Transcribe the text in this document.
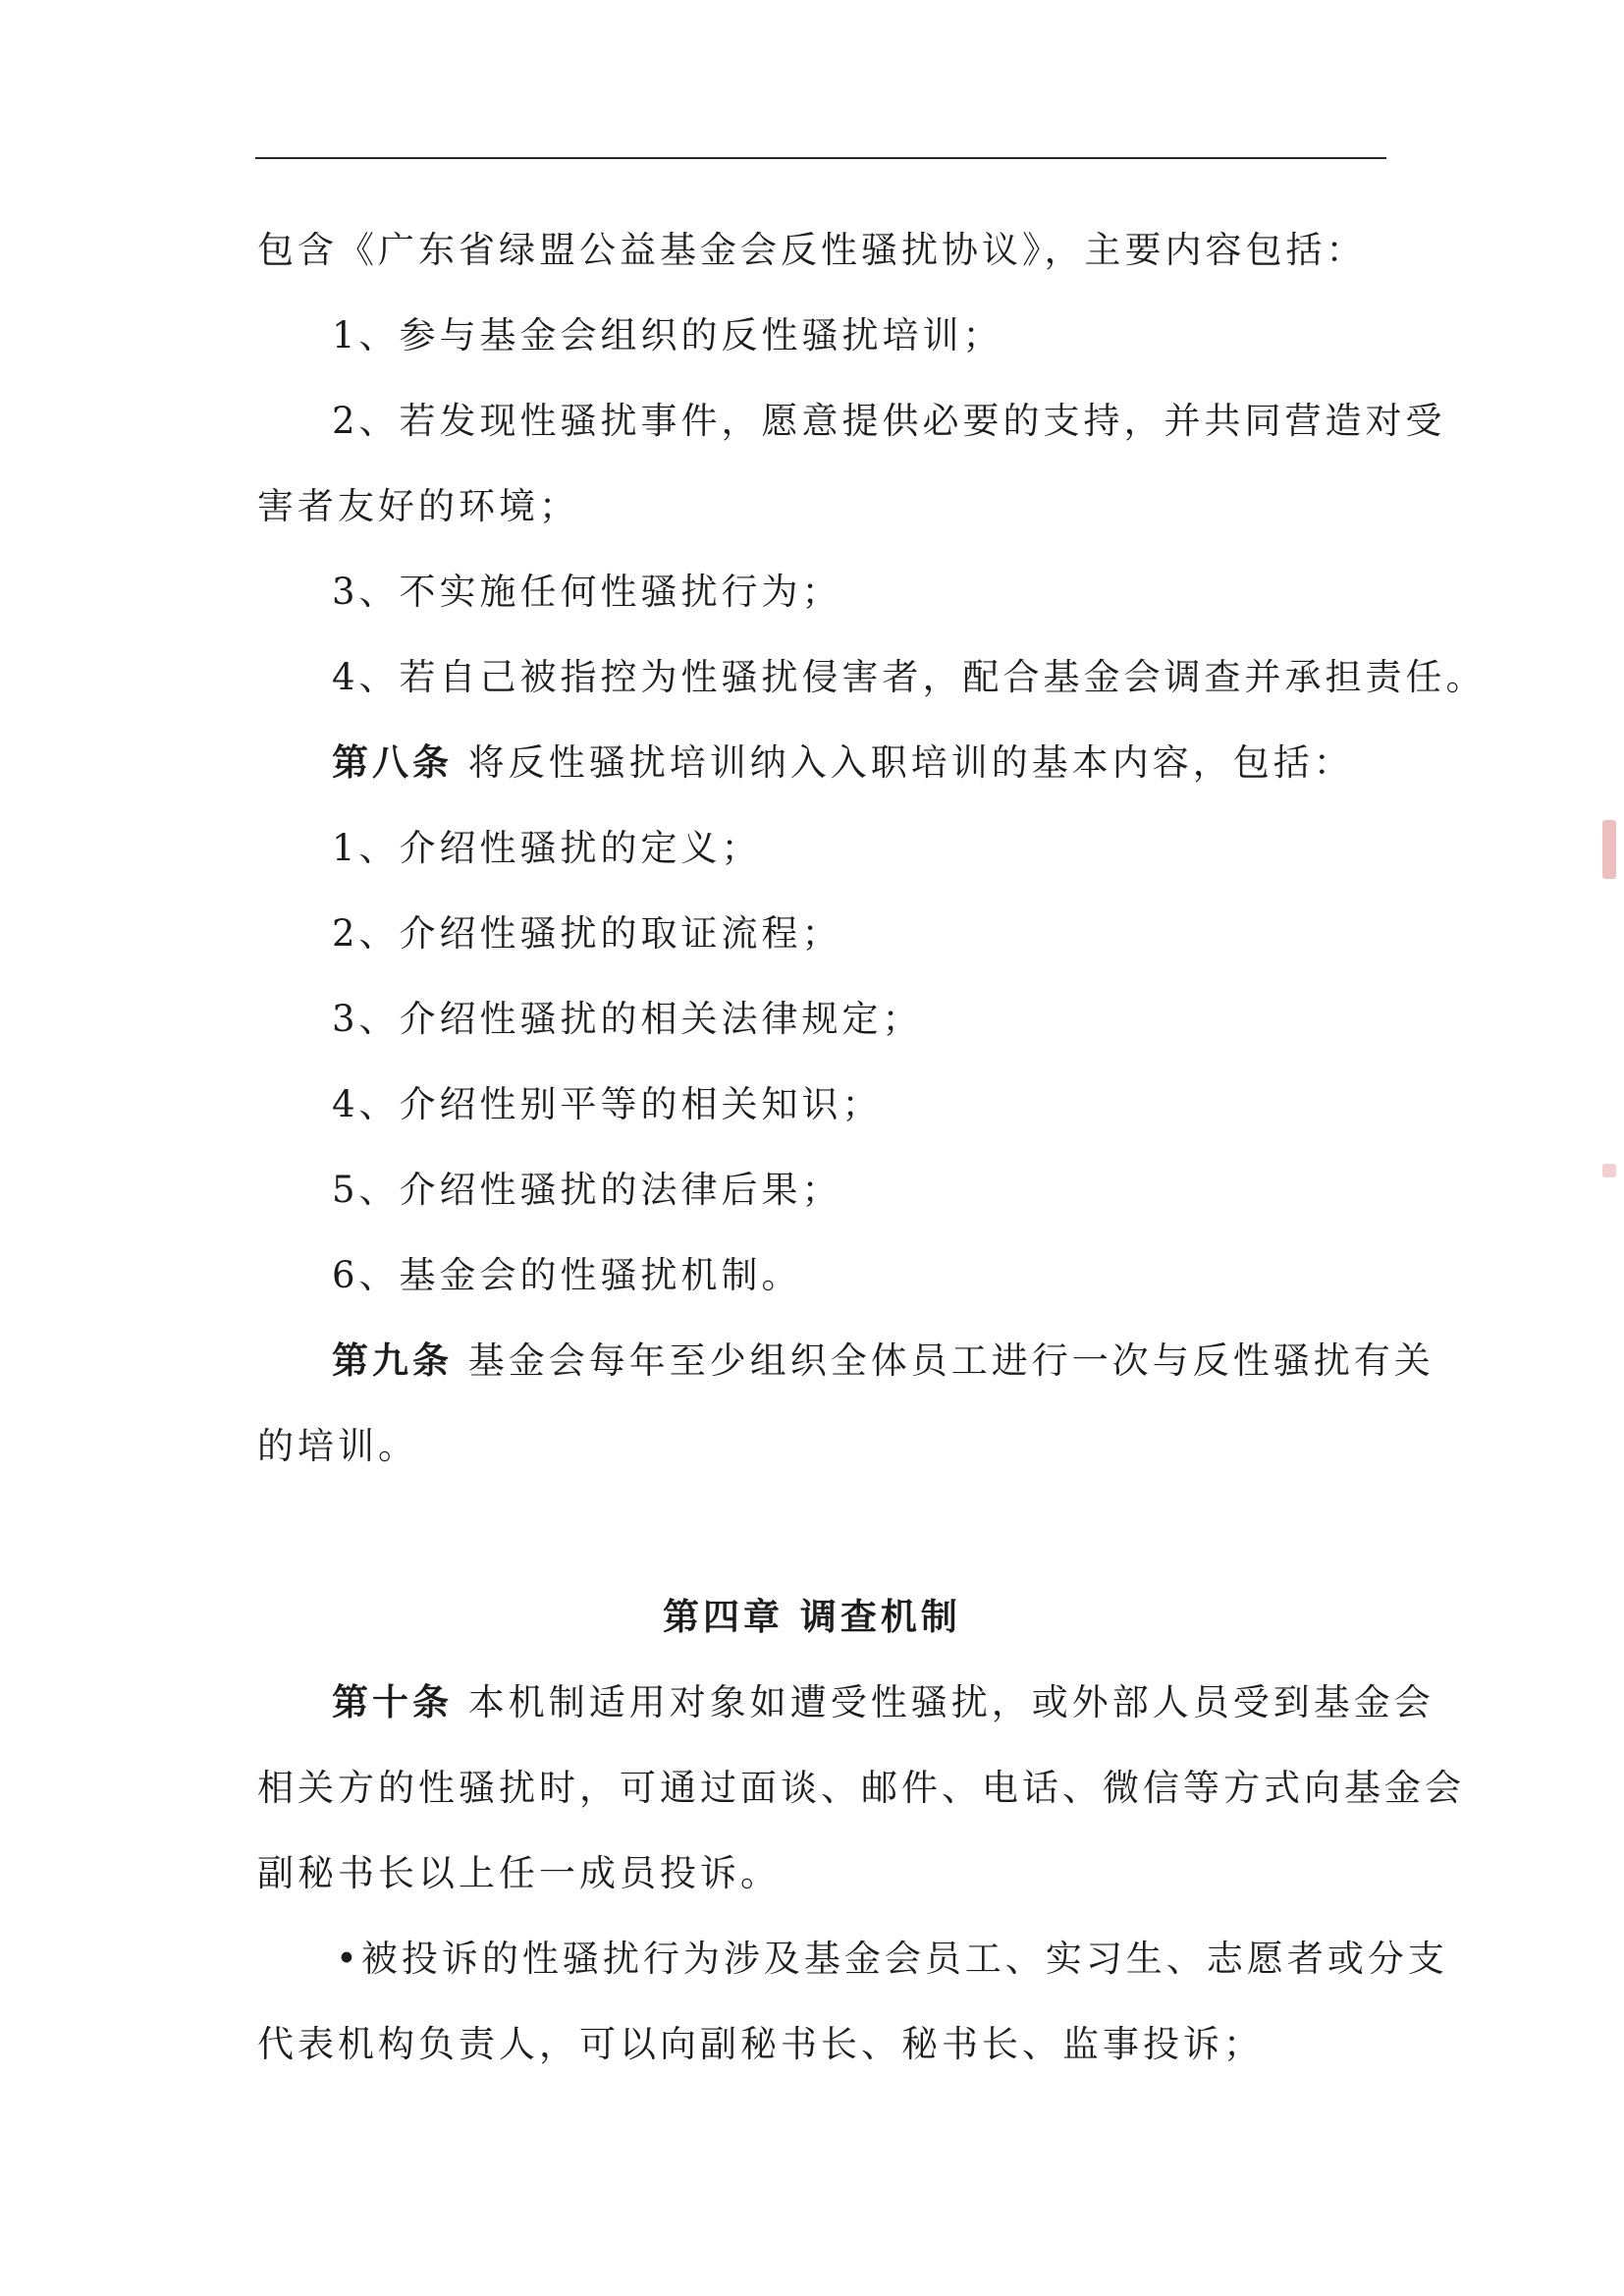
包含《广东省绿盟公益基金会反性骚扰协议》，主要内容包括：
1、参与基金会组织的反性骚扰培训；
2、若发现性骚扰事件，愿意提供必要的支持，并共同营造对受
害者友好的环境；
3、不实施任何性骚扰行为；
4、若自己被指控为性骚扰侵害者，配合基金会调查并承担责任。
第八条 将反性骚扰培训纳入入职培训的基本内容，包括：
1、介绍性骚扰的定义；
2、介绍性骚扰的取证流程；
3、介绍性骚扰的相关法律规定；
4、介绍性别平等的相关知识；
5、介绍性骚扰的法律后果；
6、基金会的性骚扰机制。
第九条 基金会每年至少组织全体员工进行一次与反性骚扰有关
的培训。
第四章 调查机制
第十条 本机制适用对象如遭受性骚扰，或外部人员受到基金会
相关方的性骚扰时，可通过面谈、邮件、电话、微信等方式向基金会
副秘书长以上任一成员投诉。
•被投诉的性骚扰行为涉及基金会员工、实习生、志愿者或分支
代表机构负责人，可以向副秘书长、秘书长、监事投诉；
